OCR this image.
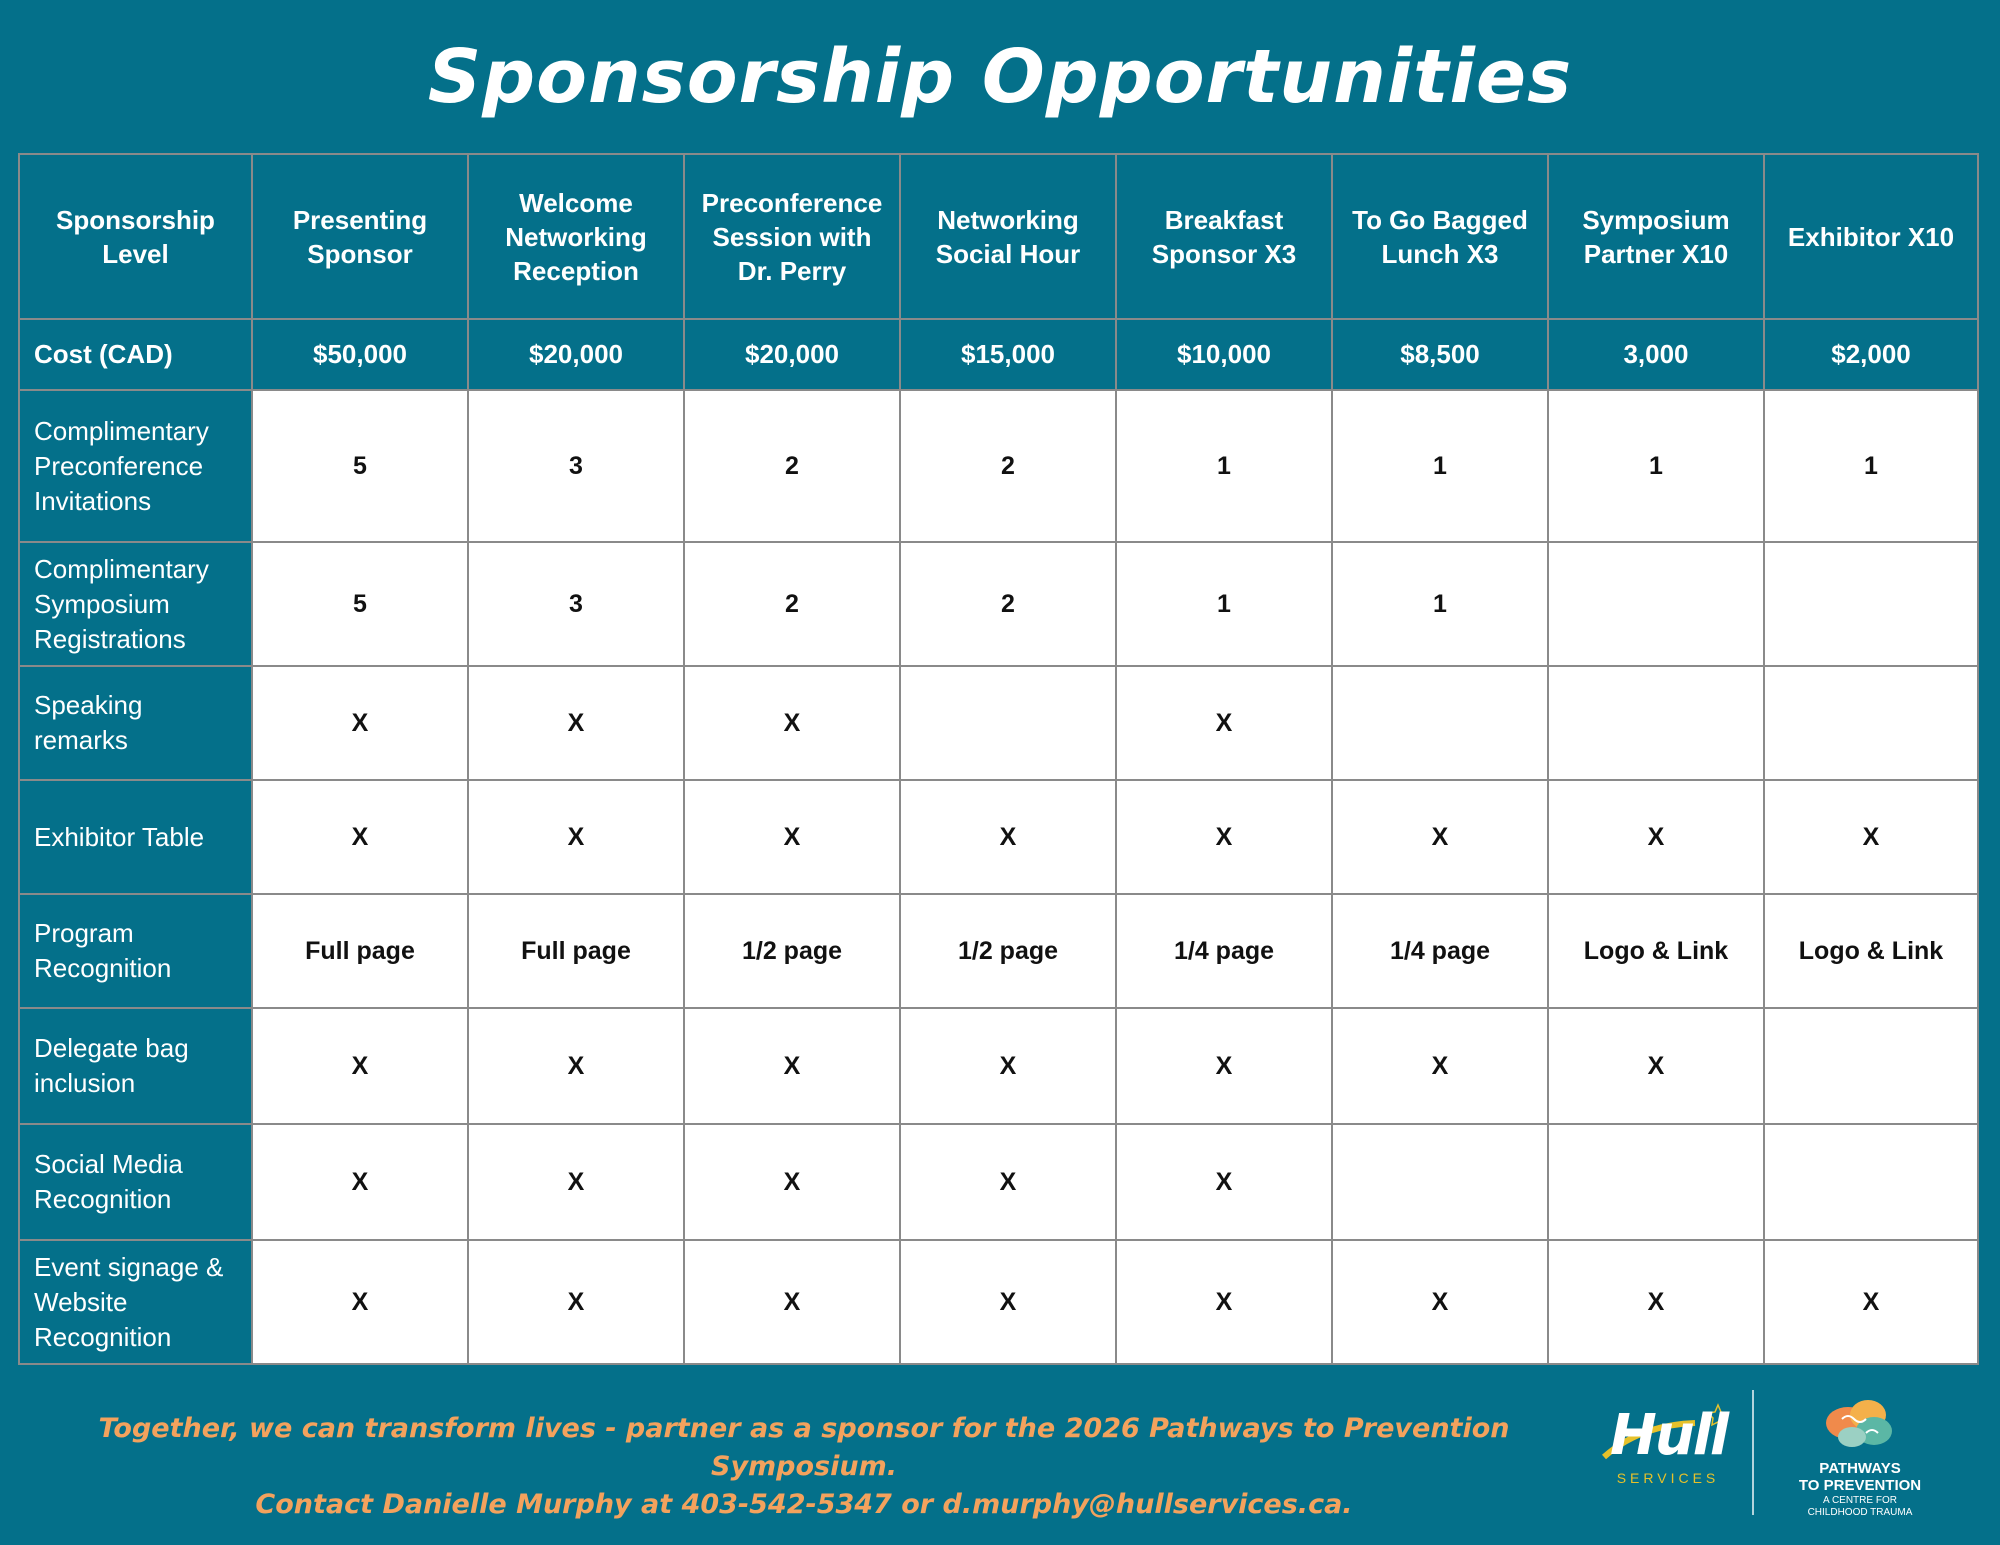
Sponsorship Opportunities
Sponsorship Level	Presenting Sponsor	Welcome Networking Reception	Preconference Session with Dr. Perry	Networking Social Hour	Breakfast Sponsor X3	To Go Bagged Lunch X3	Symposium Partner X10	Exhibitor X10
Cost (CAD)	$50,000	$20,000	$20,000	$15,000	$10,000	$8,500	3,000	$2,000
Complimentary Preconference Invitations	5	3	2	2	1	1	1	1
Complimentary Symposium Registrations	5	3	2	2	1	1		
Speaking remarks	X	X	X		X			
Exhibitor Table	X	X	X	X	X	X	X	X
Program Recognition	Full page	Full page	1/2 page	1/2 page	1/4 page	1/4 page	Logo & Link	Logo & Link
Delegate bag inclusion	X	X	X	X	X	X	X	
Social Media Recognition	X	X	X	X	X			
Event signage & Website Recognition	X	X	X	X	X	X	X	X
Together, we can transform lives - partner as a sponsor for the 2026 Pathways to Prevention Symposium.
Contact Danielle Murphy at 403-542-5347 or d.murphy@hullservices.ca.
Hull
SERVICES
PATHWAYS
TO PREVENTION
A CENTRE FOR
CHILDHOOD TRAUMA
